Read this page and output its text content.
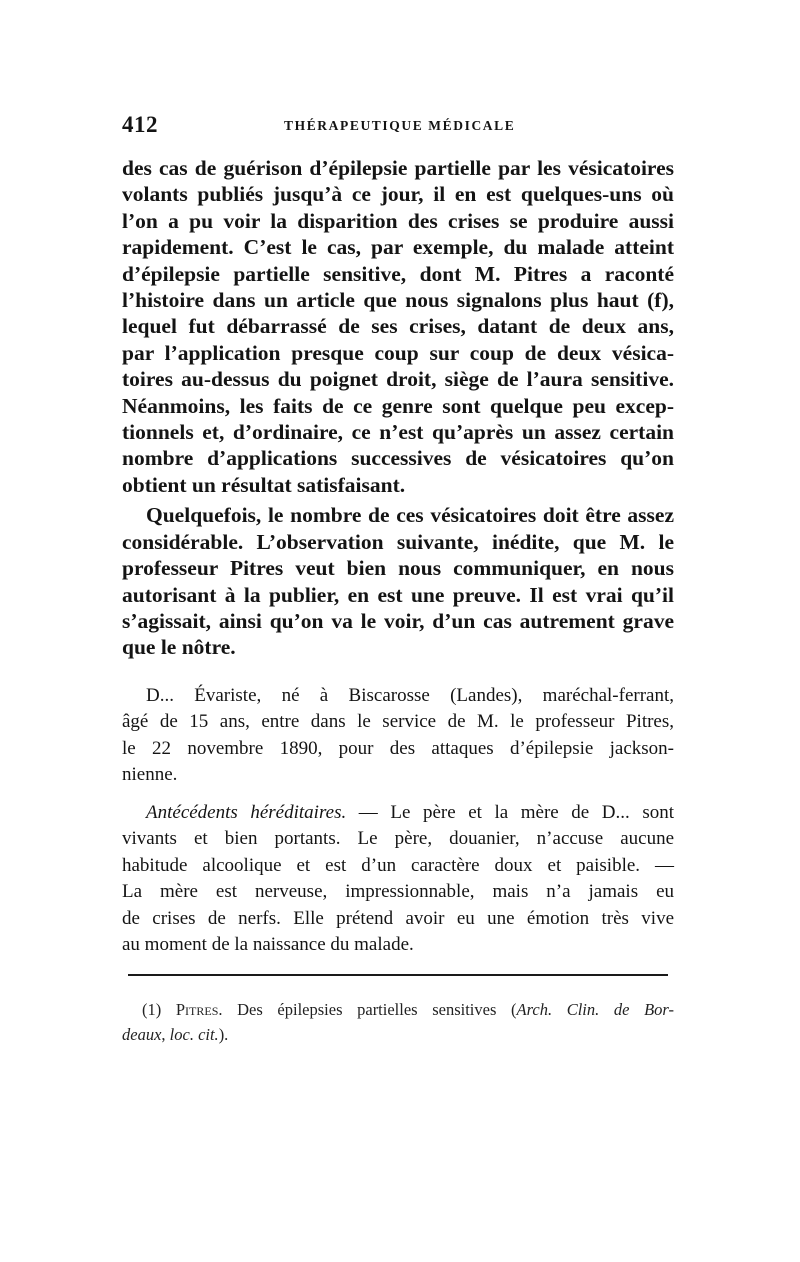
412	THÉRAPEUTIQUE MÉDICALE
des cas de guérison d’épilepsie partielle par les vésicatoires
volants publiés jusqu’à ce jour, il en est quelques-uns où
l’on a pu voir la disparition des crises se produire aussi
rapidement. C’est le cas, par exemple, du malade atteint
d’épilepsie partielle sensitive, dont M. Pitres a raconté
l’histoire dans un article que nous signalons plus haut (f),
lequel fut débarrassé de ses crises, datant de deux ans,
par l’application presque coup sur coup de deux vésica-
toires au-dessus du poignet droit, siège de l’aura sensitive.
Néanmoins, les faits de ce genre sont quelque peu excep-
tionnels et, d’ordinaire, ce n’est qu’après un assez certain
nombre d’applications successives de vésicatoires qu’on
obtient un résultat satisfaisant.
Quelquefois, le nombre de ces vésicatoires doit être assez
considérable. L’observation suivante, inédite, que M. le
professeur Pitres veut bien nous communiquer, en nous
autorisant à la publier, en est une preuve. Il est vrai qu’il
s’agissait, ainsi qu’on va le voir, d’un cas autrement grave
que le nôtre.
D... Évariste, né à Biscarosse (Landes), maréchal-ferrant,
âgé de 15 ans, entre dans le service de M. le professeur Pitres,
le 22 novembre 1890, pour des attaques d’épilepsie jackson-
nienne.
Antécédents héréditaires. — Le père et la mère de D... sont
vivants et bien portants. Le père, douanier, n’accuse aucune
habitude alcoolique et est d’un caractère doux et paisible. —
La mère est nerveuse, impressionnable, mais n’a jamais eu
de crises de nerfs. Elle prétend avoir eu une émotion très vive
au moment de la naissance du malade.
(1) Pitres. Des épilepsies partielles sensitives (Arch. Clin. de Bor-
deaux, loc. cit.).
